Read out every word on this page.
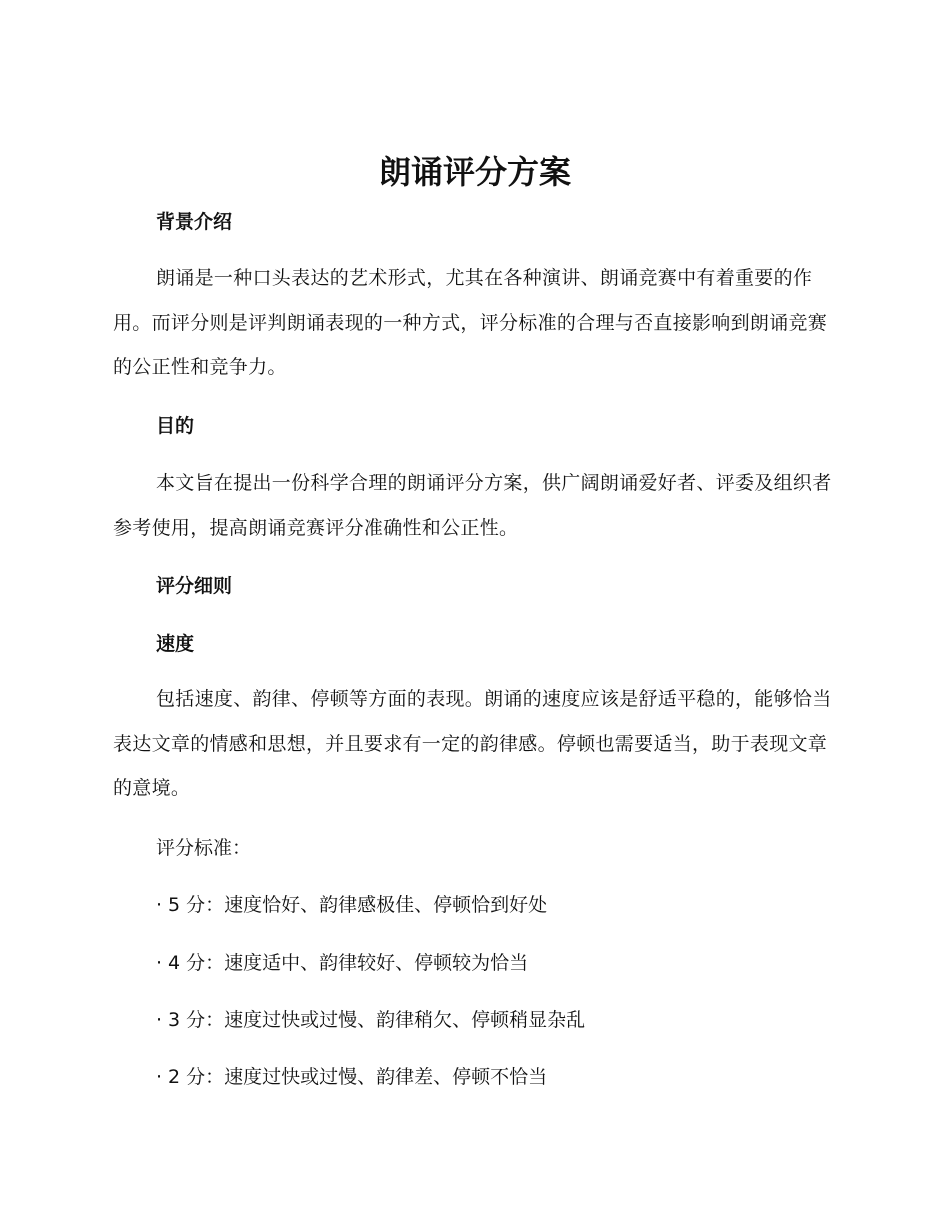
朗诵评分方案
背景介绍

朗诵是一种口头表达的艺术形式，尤其在各种演讲、朗诵竞赛中有着重要的作用。而评分则是评判朗诵表现的一种方式，评分标准的合理与否直接影响到朗诵竞赛的公正性和竞争力。

目的

本文旨在提出一份科学合理的朗诵评分方案，供广阔朗诵爱好者、评委及组织者参考使用，提高朗诵竞赛评分准确性和公正性。

评分细则
速度

包括速度、韵律、停顿等方面的表现。朗诵的速度应该是舒适平稳的，能够恰当表达文章的情感和思想，并且要求有一定的韵律感。停顿也需要适当，助于表现文章的意境。

评分标准：

· 5 分：速度恰好、韵律感极佳、停顿恰到好处

· 4 分：速度适中、韵律较好、停顿较为恰当

· 3 分：速度过快或过慢、韵律稍欠、停顿稍显杂乱

· 2 分：速度过快或过慢、韵律差、停顿不恰当
